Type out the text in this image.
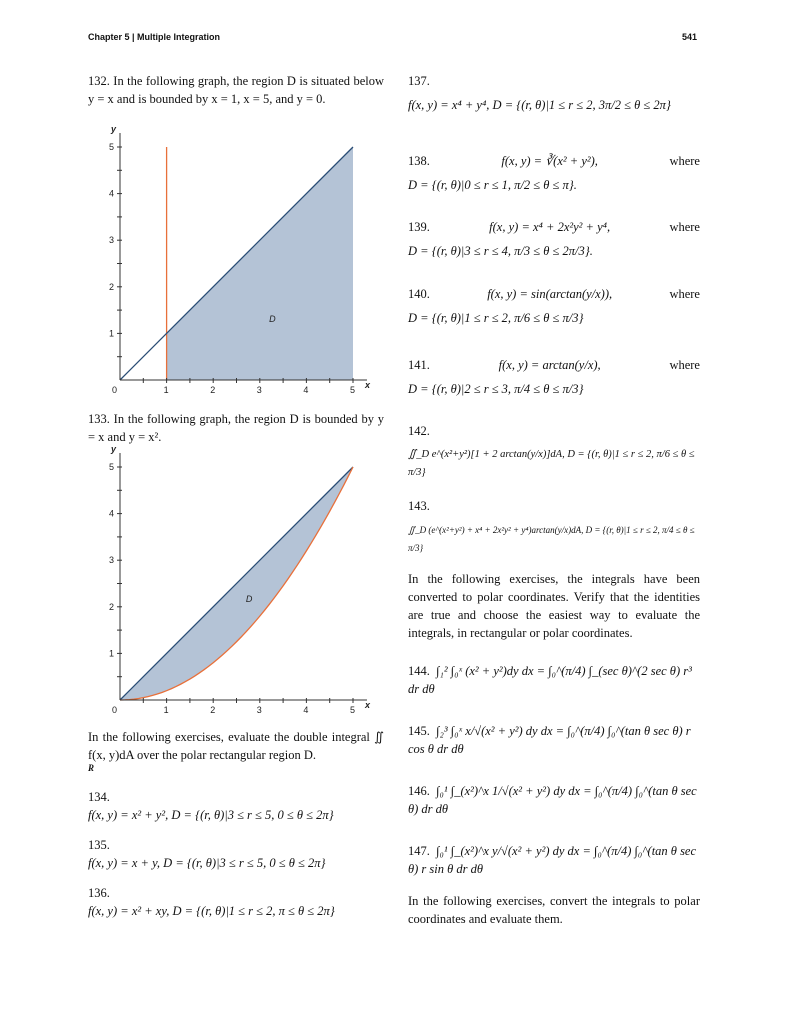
Chapter 5 | Multiple Integration	541
132. In the following graph, the region D is situated below y = x and is bounded by x = 1, x = 5, and y = 0.
D
0	1	2	3	4	5
1
2
3
4
5
x
y
133. In the following graph, the region D is bounded by y = x and y = x².
D
0	1	2	3	4	5
1
2
3
4
5
x
y
In the following exercises, evaluate the double integral ∬ f(x, y)dA over the polar rectangular region D.
R
134.
f(x, y) = x² + y², D = {(r, θ)|3 ≤ r ≤ 5, 0 ≤ θ ≤ 2π}
135.
f(x, y) = x + y, D = {(r, θ)|3 ≤ r ≤ 5, 0 ≤ θ ≤ 2π}
136.
f(x, y) = x² + xy, D = {(r, θ)|1 ≤ r ≤ 2, π ≤ θ ≤ 2π}
137.
f(x, y) = x⁴ + y⁴, D = {(r, θ)|1 ≤ r ≤ 2, 3π/2 ≤ θ ≤ 2π}
138.	f(x, y) = ∛(x² + y²),	where
D = {(r, θ)|0 ≤ r ≤ 1, π/2 ≤ θ ≤ π}.
139.	f(x, y) = x⁴ + 2x²y² + y⁴,	where
D = {(r, θ)|3 ≤ r ≤ 4, π/3 ≤ θ ≤ 2π/3}.
140.	f(x, y) = sin(arctan(y/x)),	where
D = {(r, θ)|1 ≤ r ≤ 2, π/6 ≤ θ ≤ π/3}
141.	f(x, y) = arctan(y/x),	where
D = {(r, θ)|2 ≤ r ≤ 3, π/4 ≤ θ ≤ π/3}
142.
∬_D e^(x²+y²)[1 + 2 arctan(y/x)]dA, D = {(r, θ)|1 ≤ r ≤ 2, π/6 ≤ θ ≤ π/3}
143.
∬_D (e^(x²+y²) + x⁴ + 2x²y² + y⁴)arctan(y/x)dA, D = {(r, θ)|1 ≤ r ≤ 2, π/4 ≤ θ ≤ π/3}
In the following exercises, the integrals have been converted to polar coordinates. Verify that the identities are true and choose the easiest way to evaluate the integrals, in rectangular or polar coordinates.
144. ∫₁² ∫₀ˣ (x² + y²)dy dx = ∫₀^(π/4) ∫_(sec θ)^(2 sec θ) r³ dr dθ
145. ∫₂³ ∫₀ˣ x/√(x² + y²) dy dx = ∫₀^(π/4) ∫₀^(tan θ sec θ) r cos θ dr dθ
146. ∫₀¹ ∫_(x²)^x 1/√(x² + y²) dy dx = ∫₀^(π/4) ∫₀^(tan θ sec θ) dr dθ
147. ∫₀¹ ∫_(x²)^x y/√(x² + y²) dy dx = ∫₀^(π/4) ∫₀^(tan θ sec θ) r sin θ dr dθ
In the following exercises, convert the integrals to polar coordinates and evaluate them.
